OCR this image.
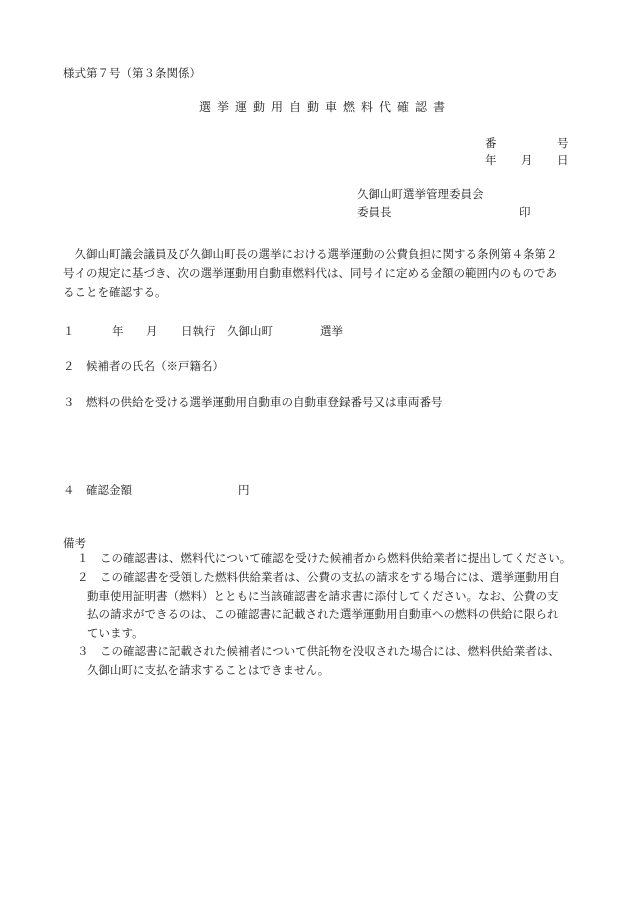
様式第７号（第３条関係）
選挙運動用自動車燃料代確認書
番	号
年 月 日
久御山町選挙管理委員会
委員長	印
　久御山町議会議員及び久御山町長の選挙における選挙運動の公費負担に関する条例第４条第２
号イの規定に基づき、次の選挙運動用自動車燃料代は、同号イに定める金額の範囲内のものであ
ることを確認する。
１	年 月 日執行　久御山町	選挙
２　候補者の氏名（※戸籍名）
３　燃料の供給を受ける選挙運動用自動車の自動車登録番号又は車両番号
４　確認金額	円
備考
１　この確認書は、燃料代について確認を受けた候補者から燃料供給業者に提出してください。
２　この確認書を受領した燃料供給業者は、公費の支払の請求をする場合には、選挙運動用自
動車使用証明書（燃料）とともに当該確認書を請求書に添付してください。なお、公費の支
払の請求ができるのは、この確認書に記載された選挙運動用自動車への燃料の供給に限られ
ています。
３　この確認書に記載された候補者について供託物を没収された場合には、燃料供給業者は、
久御山町に支払を請求することはできません。
